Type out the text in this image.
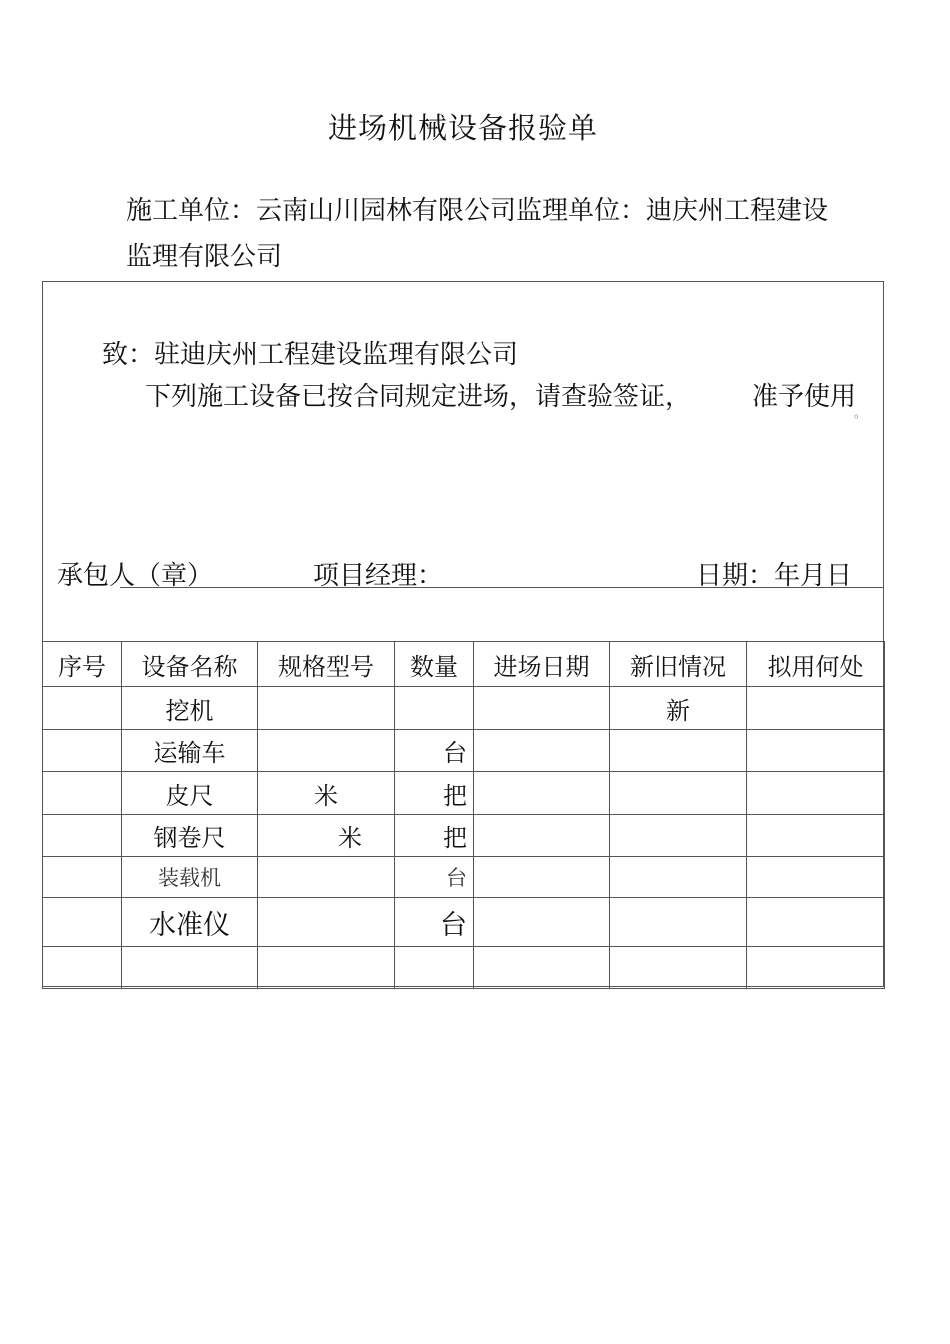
进场机械设备报验单
施工单位：云南山川园林有限公司监理单位：迪庆州工程建设
监理有限公司
致：驻迪庆州工程建设监理有限公司
下列施工设备已按合同规定进场，请查验签证， 准予使用
。
承包人（章）	项目经理：	日期：年月日
序号	设备名称	规格型号	数量	进场日期	新旧情况	拟用何处
	挖机				新	
	运输车		台			
	皮尺	米	把			
	钢卷尺	米	把			
	装载机		台			
	水准仪		台			
